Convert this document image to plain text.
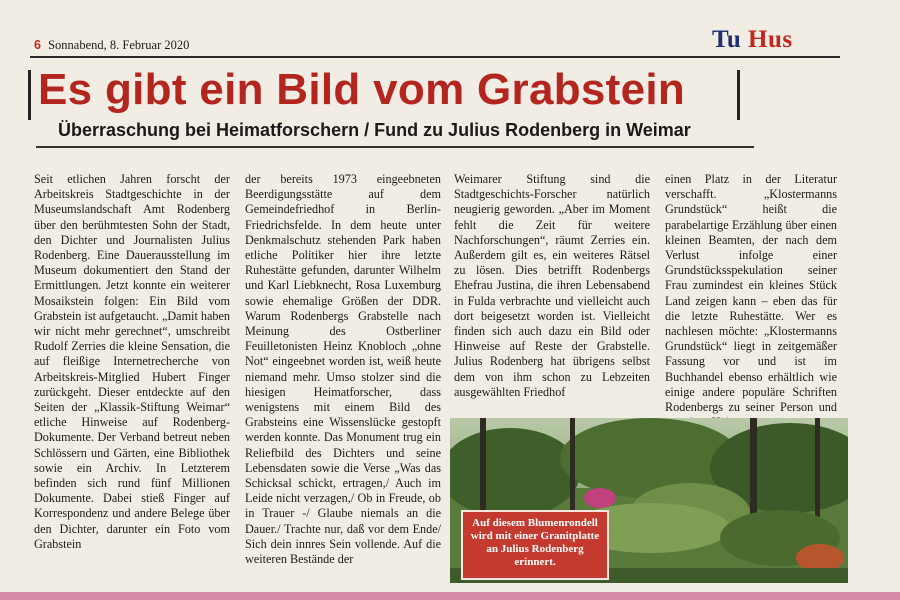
6 Sonnabend, 8. Februar 2020	Tu Hus
Es gibt ein Bild vom Grabstein
Überraschung bei Heimatforschern / Fund zu Julius Rodenberg in Weimar

Seit etlichen Jahren forscht der Arbeitskreis Stadtgeschichte in der Museumslandschaft Amt Rodenberg über den berühmtesten Sohn der Stadt, den Dichter und Journalisten Julius Rodenberg. Eine Dauerausstellung im Museum dokumentiert den Stand der Ermittlungen. Jetzt konnte ein weiterer Mosaikstein folgen: Ein Bild vom Grabstein ist aufgetaucht. „Damit haben wir nicht mehr gerechnet“, umschreibt Rudolf Zerries die kleine Sensation, die auf fleißige Internetrecherche von Arbeitskreis-Mitglied Hubert Finger zurückgeht. Dieser entdeckte auf den Seiten der „Klassik-Stiftung Weimar“ etliche Hinweise auf Rodenberg-Dokumente. Der Verband betreut neben Schlössern und Gärten, eine Bibliothek sowie ein Archiv. In Letzterem befinden sich rund fünf Millionen Dokumente. Dabei stieß Finger auf Korrespondenz und andere Belege über den Dichter, darunter ein Foto vom Grabstein

der bereits 1973 eingeebneten Beerdigungsstätte auf dem Gemeindefriedhof in Berlin-Friedrichsfelde. In dem heute unter Denkmalschutz stehenden Park haben etliche Politiker hier ihre letzte Ruhestätte gefunden, darunter Wilhelm und Karl Liebknecht, Rosa Luxemburg sowie ehemalige Größen der DDR. Warum Rodenbergs Grabstelle nach Meinung des Ostberliner Feuilletonisten Heinz Knobloch „ohne Not“ eingeebnet worden ist, weiß heute niemand mehr. Umso stolzer sind die hiesigen Heimatforscher, dass wenigstens mit einem Bild des Grabsteins eine Wissenslücke gestopft werden konnte. Das Monument trug ein Reliefbild des Dichters und seine Lebensdaten sowie die Verse „Was das Schicksal schickt, ertragen,/ Auch im Leide nicht verzagen,/ Ob in Freude, ob in Trauer -/ Glaube niemals an die Dauer./ Trachte nur, daß vor dem Ende/ Sich dein innres Sein vollende. Auf die weiteren Bestände der

Weimarer Stiftung sind die Stadtgeschichts-Forscher natürlich neugierig geworden. „Aber im Moment fehlt die Zeit für weitere Nachforschungen“, räumt Zerries ein. Außerdem gilt es, ein weiteres Rätsel zu lösen. Dies betrifft Rodenbergs Ehefrau Justina, die ihren Lebensabend in Fulda verbrachte und vielleicht auch dort beigesetzt worden ist. Vielleicht finden sich auch dazu ein Bild oder Hinweise auf Reste der Grabstelle. Julius Rodenberg hat übrigens selbst dem von ihm schon zu Lebzeiten ausgewählten Friedhof

einen Platz in der Literatur verschafft. „Klostermanns Grundstück“ heißt die parabelartige Erzählung über einen kleinen Beamten, der nach dem Verlust infolge einer Grundstücksspekulation seiner Frau zumindest ein kleines Stück Land zeigen kann – eben das für die letzte Ruhestätte. Wer es nachlesen möchte: „Klostermanns Grundstück“ liegt in zeitgemäßer Fassung vor und ist im Buchhandel ebenso erhältlich wie einige andere populäre Schriften Rodenbergs zu seiner Person und

Auf diesem Blumenrondell wird mit einer Granitplatte an Julius Rodenberg erinnert.
